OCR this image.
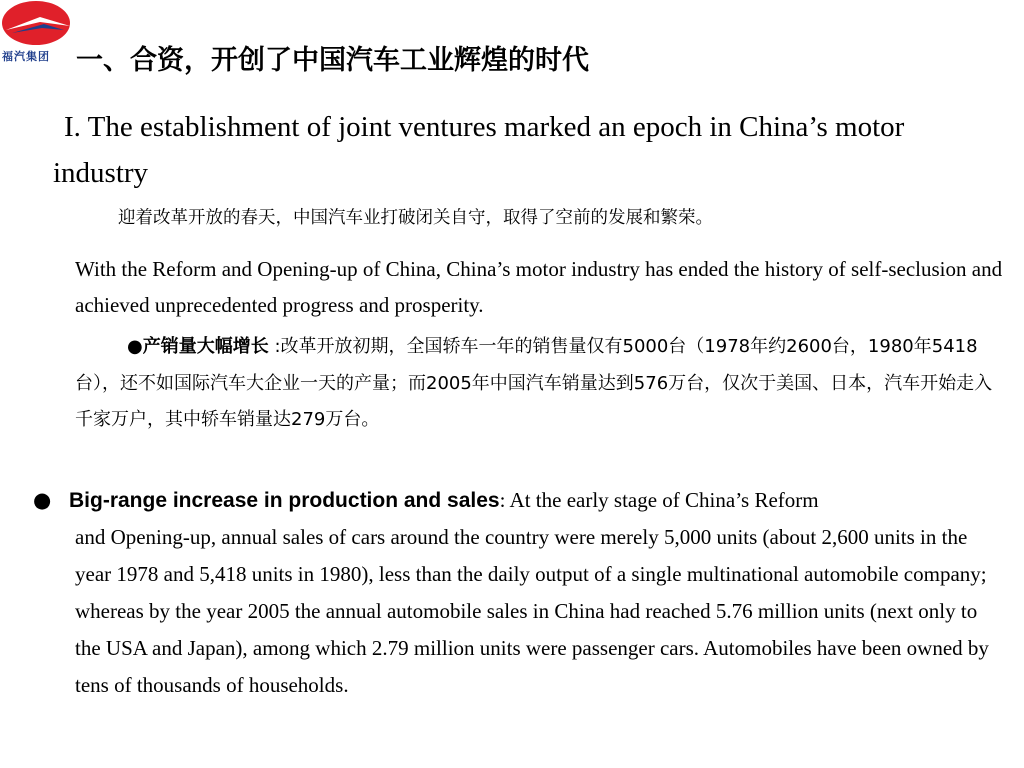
福汽集团 一、合资，开创了中国汽车工业辉煌的时代
I. The establishment of joint ventures marked an epoch in China’s motor industry
迎着改革开放的春天，中国汽车业打破闭关自守，取得了空前的发展和繁荣。
With the Reform and Opening-up of China, China’s motor industry has ended the history of self-seclusion and achieved unprecedented progress and prosperity.
●产销量大幅增长 :改革开放初期，全国轿车一年的销售量仅有5000台（1978年约2600台，1980年5418台），还不如国际汽车大企业一天的产量；而2005年中国汽车销量达到576万台，仅次于美国、日本，汽车开始走入千家万户，其中轿车销量达279万台。
● Big-range increase in production and sales: At the early stage of China’s Reform
and Opening-up, annual sales of cars around the country were merely 5,000 units (about 2,600 units in the year 1978 and 5,418 units in 1980), less than the daily output of a single multinational automobile company; whereas by the year 2005 the annual automobile sales in China had reached 5.76 million units (next only to the USA and Japan), among which 2.79 million units were passenger cars. Automobiles have been owned by tens of thousands of households.
